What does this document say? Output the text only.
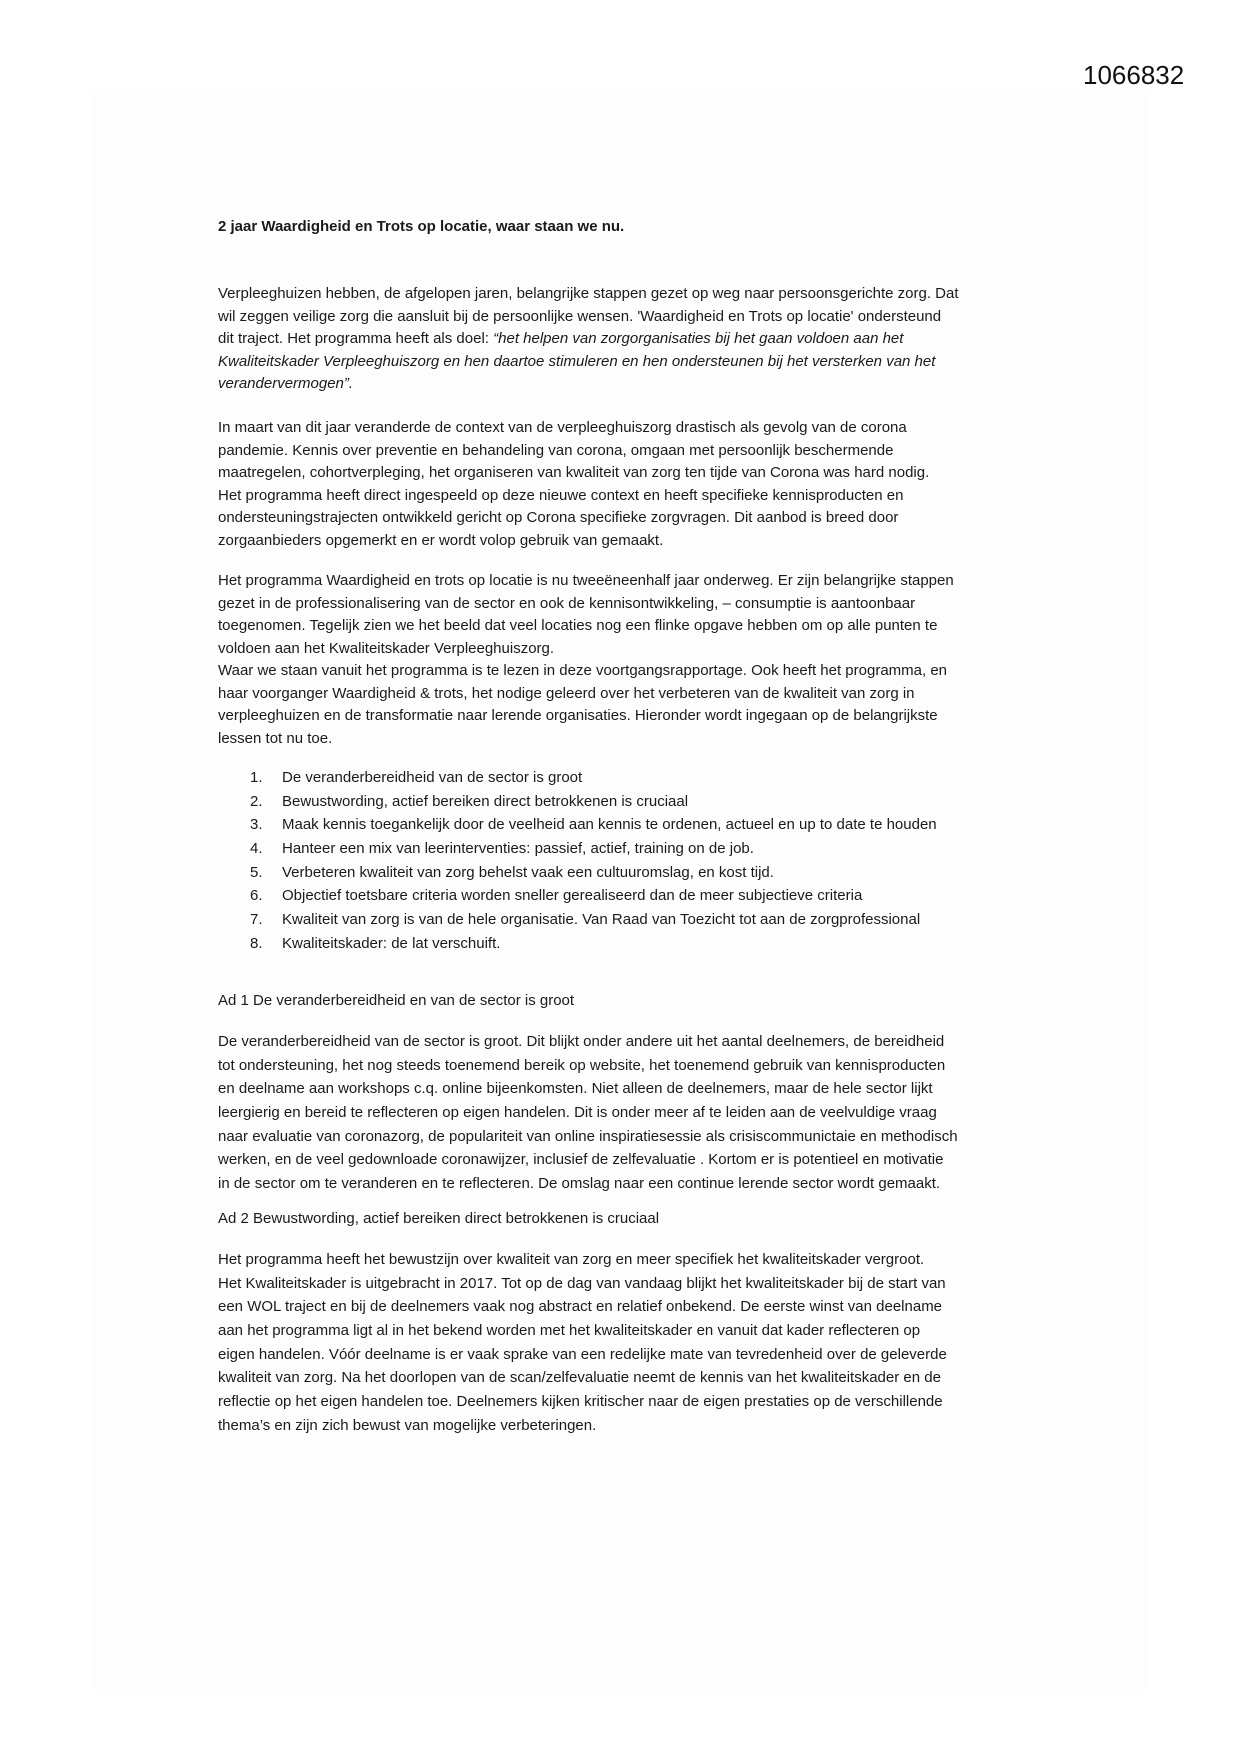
1066832
2 jaar Waardigheid en Trots op locatie, waar staan we nu.
Verpleeghuizen hebben, de afgelopen jaren, belangrijke stappen gezet op weg naar persoonsgerichte zorg. Dat
wil zeggen veilige zorg die aansluit bij de persoonlijke wensen. 'Waardigheid en Trots op locatie' ondersteund
dit traject. Het programma heeft als doel: “het helpen van zorgorganisaties bij het gaan voldoen aan het
Kwaliteitskader Verpleeghuiszorg en hen daartoe stimuleren en hen ondersteunen bij het versterken van het
verandervermogen”.
In maart van dit jaar veranderde de context van de verpleeghuiszorg drastisch als gevolg van de corona
pandemie. Kennis over preventie en behandeling van corona, omgaan met persoonlijk beschermende
maatregelen, cohortverpleging, het organiseren van kwaliteit van zorg ten tijde van Corona was hard nodig.
Het programma heeft direct ingespeeld op deze nieuwe context en heeft specifieke kennisproducten en
ondersteuningstrajecten ontwikkeld gericht op Corona specifieke zorgvragen. Dit aanbod is breed door
zorgaanbieders opgemerkt en er wordt volop gebruik van gemaakt.
Het programma Waardigheid en trots op locatie is nu tweeëneenhalf jaar onderweg. Er zijn belangrijke stappen
gezet in de professionalisering van de sector en ook de kennisontwikkeling, – consumptie is aantoonbaar
toegenomen. Tegelijk zien we het beeld dat veel locaties nog een flinke opgave hebben om op alle punten te
voldoen aan het Kwaliteitskader Verpleeghuiszorg.
Waar we staan vanuit het programma is te lezen in deze voortgangsrapportage. Ook heeft het programma, en
haar voorganger Waardigheid & trots, het nodige geleerd over het verbeteren van de kwaliteit van zorg in
verpleeghuizen en de transformatie naar lerende organisaties. Hieronder wordt ingegaan op de belangrijkste
lessen tot nu toe.
1. De veranderbereidheid van de sector is groot
2. Bewustwording, actief bereiken direct betrokkenen is cruciaal
3. Maak kennis toegankelijk door de veelheid aan kennis te ordenen, actueel en up to date te houden
4. Hanteer een mix van leerinterventies: passief, actief, training on de job.
5. Verbeteren kwaliteit van zorg behelst vaak een cultuuromslag, en kost tijd.
6. Objectief toetsbare criteria worden sneller gerealiseerd dan de meer subjectieve criteria
7. Kwaliteit van zorg is van de hele organisatie. Van Raad van Toezicht tot aan de zorgprofessional
8. Kwaliteitskader: de lat verschuift.
Ad 1 De veranderbereidheid en van de sector is groot
De veranderbereidheid van de sector is groot. Dit blijkt onder andere uit het aantal deelnemers, de bereidheid
tot ondersteuning, het nog steeds toenemend bereik op website, het toenemend gebruik van kennisproducten
en deelname aan workshops c.q. online bijeenkomsten. Niet alleen de deelnemers, maar de hele sector lijkt
leergierig en bereid te reflecteren op eigen handelen. Dit is onder meer af te leiden aan de veelvuldige vraag
naar evaluatie van coronazorg, de populariteit van online inspiratiesessie als crisiscommunictaie en methodisch
werken, en de veel gedownloade coronawijzer, inclusief de zelfevaluatie . Kortom er is potentieel en motivatie
in de sector om te veranderen en te reflecteren. De omslag naar een continue lerende sector wordt gemaakt.
Ad 2 Bewustwording, actief bereiken direct betrokkenen is cruciaal
Het programma heeft het bewustzijn over kwaliteit van zorg en meer specifiek het kwaliteitskader vergroot.
Het Kwaliteitskader is uitgebracht in 2017. Tot op de dag van vandaag blijkt het kwaliteitskader bij de start van
een WOL traject en bij de deelnemers vaak nog abstract en relatief onbekend. De eerste winst van deelname
aan het programma ligt al in het bekend worden met het kwaliteitskader en vanuit dat kader reflecteren op
eigen handelen. Vóór deelname is er vaak sprake van een redelijke mate van tevredenheid over de geleverde
kwaliteit van zorg. Na het doorlopen van de scan/zelfevaluatie neemt de kennis van het kwaliteitskader en de
reflectie op het eigen handelen toe. Deelnemers kijken kritischer naar de eigen prestaties op de verschillende
thema’s en zijn zich bewust van mogelijke verbeteringen.
